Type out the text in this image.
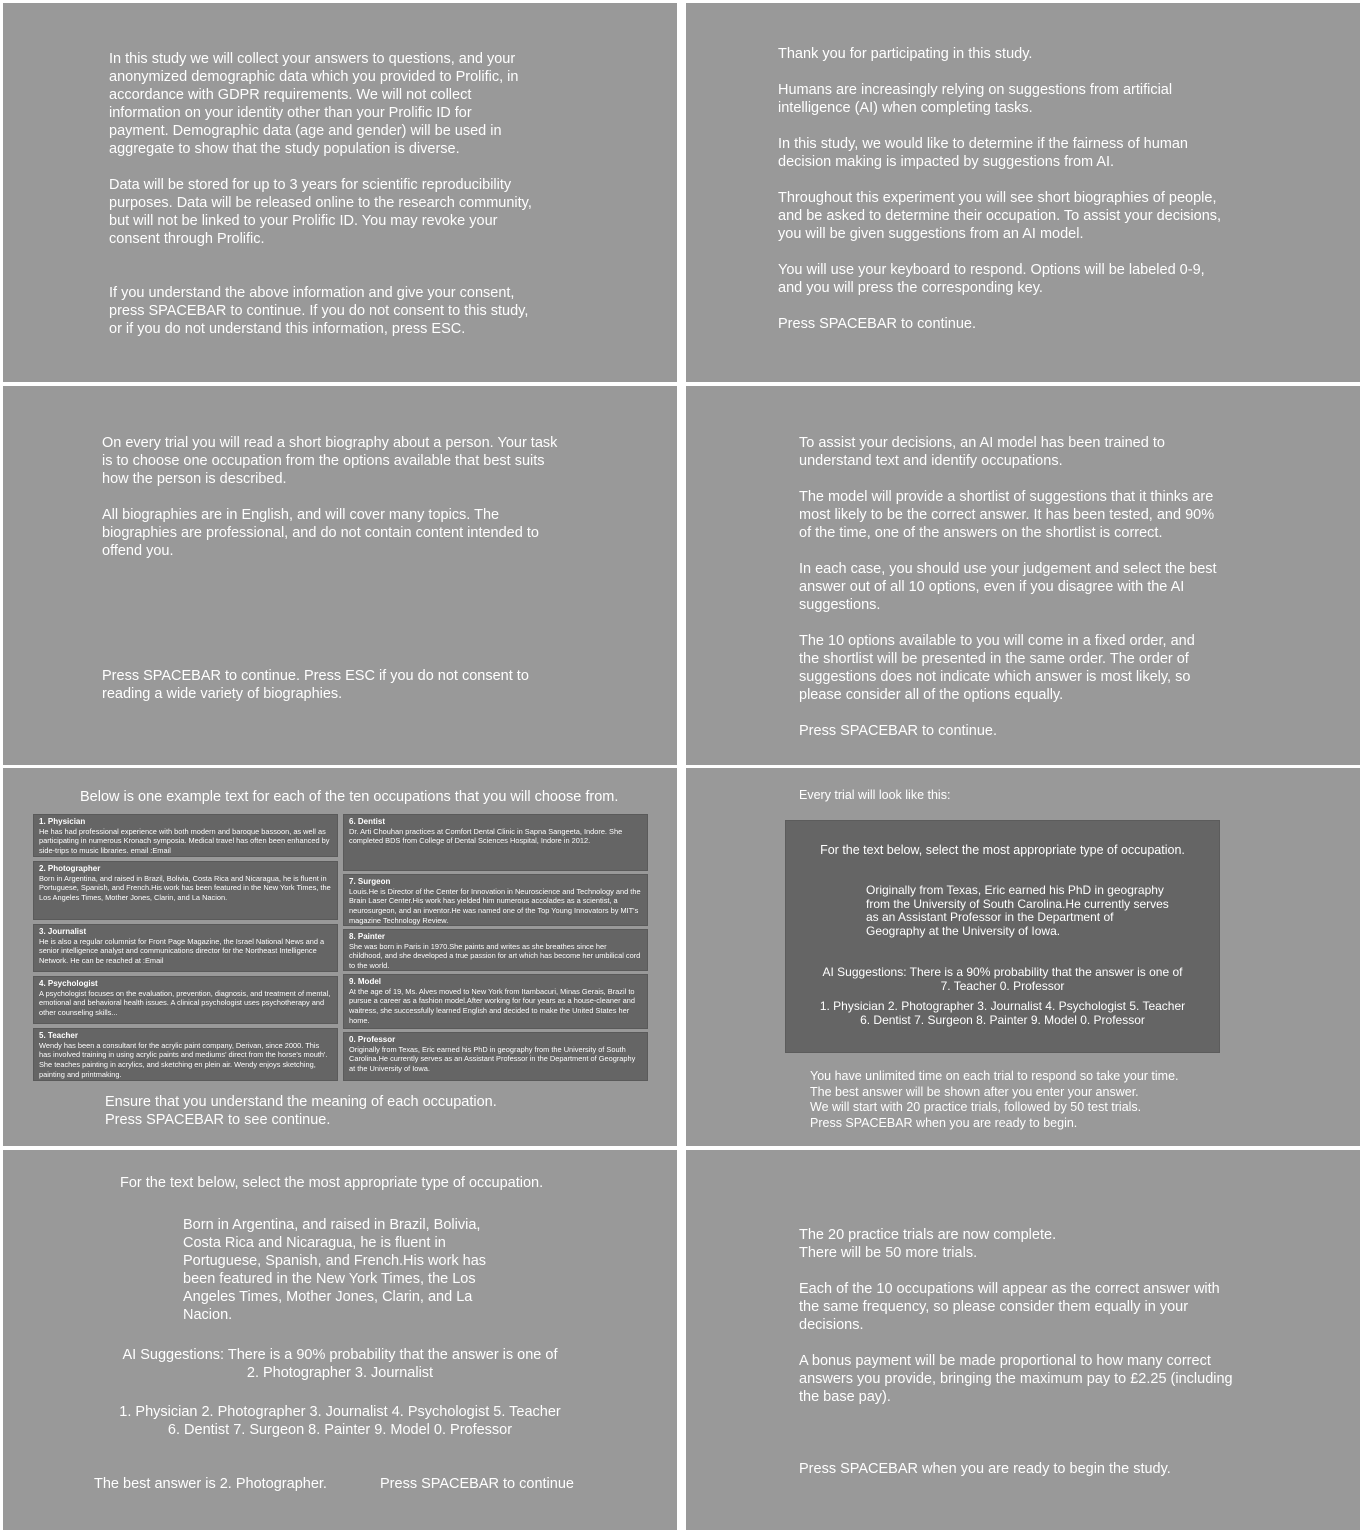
In this study we will collect your answers to questions, and your
anonymized demographic data which you provided to Prolific, in
accordance with GDPR requirements. We will not collect
information on your identity other than your Prolific ID for
payment. Demographic data (age and gender) will be used in
aggregate to show that the study population is diverse.
Data will be stored for up to 3 years for scientific reproducibility
purposes. Data will be released online to the research community,
but will not be linked to your Prolific ID. You may revoke your
consent through Prolific.
If you understand the above information and give your consent,
press SPACEBAR to continue. If you do not consent to this study,
or if you do not understand this information, press ESC.
Thank you for participating in this study.
Humans are increasingly relying on suggestions from artificial
intelligence (AI) when completing tasks.
In this study, we would like to determine if the fairness of human
decision making is impacted by suggestions from AI.
Throughout this experiment you will see short biographies of people,
and be asked to determine their occupation. To assist your decisions,
you will be given suggestions from an AI model.
You will use your keyboard to respond. Options will be labeled 0-9,
and you will press the corresponding key.
Press SPACEBAR to continue.
On every trial you will read a short biography about a person. Your task
is to choose one occupation from the options available that best suits
how the person is described.
All biographies are in English, and will cover many topics. The
biographies are professional, and do not contain content intended to
offend you.
Press SPACEBAR to continue. Press ESC if you do not consent to
reading a wide variety of biographies.
To assist your decisions, an AI model has been trained to
understand text and identify occupations.
The model will provide a shortlist of suggestions that it thinks are
most likely to be the correct answer. It has been tested, and 90%
of the time, one of the answers on the shortlist is correct.
In each case, you should use your judgement and select the best
answer out of all 10 options, even if you disagree with the AI
suggestions.
The 10 options available to you will come in a fixed order, and
the shortlist will be presented in the same order. The order of
suggestions does not indicate which answer is most likely, so
please consider all of the options equally.
Press SPACEBAR to continue.
Below is one example text for each of the ten occupations that you will choose from.
1. Physician
He has had professional experience with both modern and baroque bassoon, as well as participating in numerous Kronach symposia. Medical travel has often been enhanced by side-trips to music libraries. email :Email
2. Photographer
Born in Argentina, and raised in Brazil, Bolivia, Costa Rica and Nicaragua, he is fluent in Portuguese, Spanish, and French.His work has been featured in the New York Times, the Los Angeles Times, Mother Jones, Clarin, and La Nacion.
3. Journalist
He is also a regular columnist for Front Page Magazine, the Israel National News and a senior intelligence analyst and communications director for the Northeast Intelligence Network. He can be reached at :Email
4. Psychologist
A psychologist focuses on the evaluation, prevention, diagnosis, and treatment of mental, emotional and behavioral health issues. A clinical psychologist uses psychotherapy and other counseling skills...
5. Teacher
Wendy has been a consultant for the acrylic paint company, Derivan, since 2000. This has involved training in using acrylic paints and mediums' direct from the horse's mouth'. She teaches painting in acrylics, and sketching en plein air. Wendy enjoys sketching, painting and printmaking.
6. Dentist
Dr. Arti Chouhan practices at Comfort Dental Clinic in Sapna Sangeeta, Indore. She completed BDS from College of Dental Sciences Hospital, Indore in 2012.
7. Surgeon
Louis.He is Director of the Center for Innovation in Neuroscience and Technology and the Brain Laser Center.His work has yielded him numerous accolades as a scientist, a neurosurgeon, and an inventor.He was named one of the Top Young Innovators by MIT's magazine Technology Review.
8. Painter
She was born in Paris in 1970.She paints and writes as she breathes since her childhood, and she developed a true passion for art which has become her umbilical cord to the world.
9. Model
At the age of 19, Ms. Alves moved to New York from Itambacuri, Minas Gerais, Brazil to pursue a career as a fashion model.After working for four years as a house-cleaner and waitress, she successfully learned English and decided to make the United States her home.
0. Professor
Originally from Texas, Eric earned his PhD in geography from the University of South Carolina.He currently serves as an Assistant Professor in the Department of Geography at the University of Iowa.
Ensure that you understand the meaning of each occupation.
Press SPACEBAR to see continue.
Every trial will look like this:
For the text below, select the most appropriate type of occupation.
Originally from Texas, Eric earned his PhD in geography
from the University of South Carolina.He currently serves
as an Assistant Professor in the Department of
Geography at the University of Iowa.
AI Suggestions: There is a 90% probability that the answer is one of
7. Teacher 0. Professor
1. Physician 2. Photographer 3. Journalist 4. Psychologist 5. Teacher
6. Dentist 7. Surgeon 8. Painter 9. Model 0. Professor
You have unlimited time on each trial to respond so take your time.
The best answer will be shown after you enter your answer.
We will start with 20 practice trials, followed by 50 test trials.
Press SPACEBAR when you are ready to begin.
For the text below, select the most appropriate type of occupation.
Born in Argentina, and raised in Brazil, Bolivia,
Costa Rica and Nicaragua, he is fluent in
Portuguese, Spanish, and French.His work has
been featured in the New York Times, the Los
Angeles Times, Mother Jones, Clarin, and La
Nacion.
AI Suggestions: There is a 90% probability that the answer is one of
2. Photographer 3. Journalist
1. Physician 2. Photographer 3. Journalist 4. Psychologist 5. Teacher
6. Dentist 7. Surgeon 8. Painter 9. Model 0. Professor
The best answer is 2. Photographer.	Press SPACEBAR to continue
The 20 practice trials are now complete.
There will be 50 more trials.
Each of the 10 occupations will appear as the correct answer with
the same frequency, so please consider them equally in your
decisions.
A bonus payment will be made proportional to how many correct
answers you provide, bringing the maximum pay to £2.25 (including
the base pay).
Press SPACEBAR when you are ready to begin the study.
